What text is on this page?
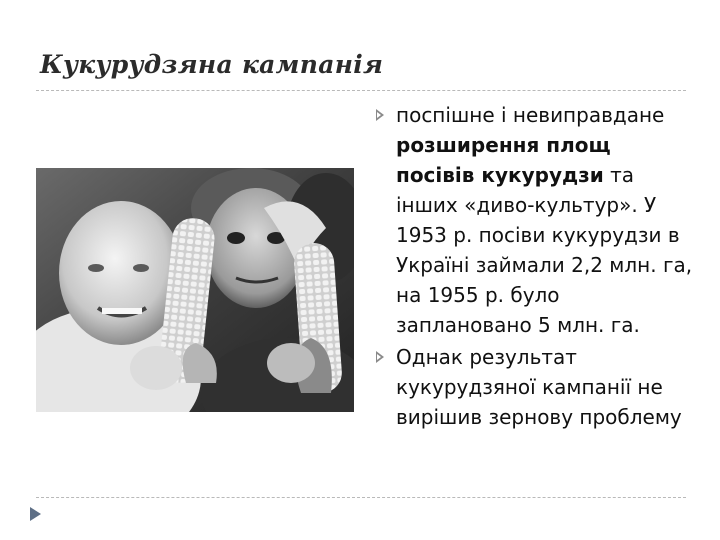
Кукурудзяна кампанія
поспішне і невиправдане розширення площ посівів кукурудзи та інших «диво-культур». У 1953 р. посіви кукурудзи в Україні займали 2,2 млн. га, на 1955 р. було заплановано 5 млн. га.
Однак результат кукурудзяної кампанії не вирішив зернову проблему
